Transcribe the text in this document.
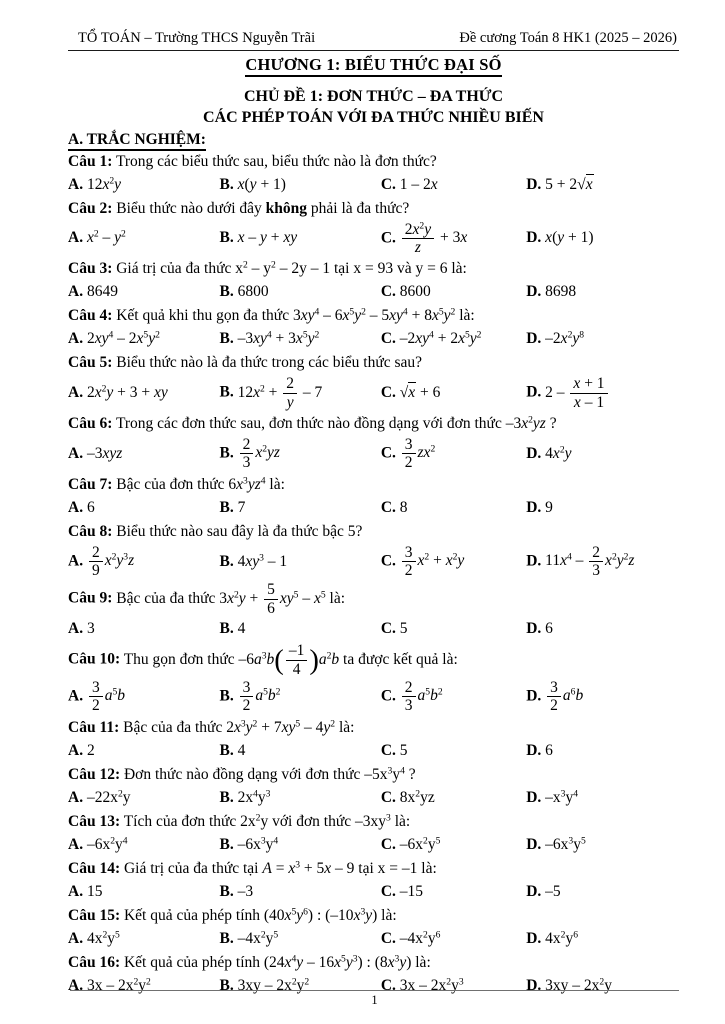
TỔ TOÁN – Trường THCS Nguyễn Trãi	Đề cương Toán 8 HK1 (2025 – 2026)
CHƯƠNG 1: BIỂU THỨC ĐẠI SỐ
CHỦ ĐỀ 1: ĐƠN THỨC – ĐA THỨC
CÁC PHÉP TOÁN VỚI ĐA THỨC NHIỀU BIẾN
A. TRẮC NGHIỆM:

Câu 1: Trong các biểu thức sau, biểu thức nào là đơn thức?

A. $12x^2y$	B. x(y + 1)	C. 1 – 2x	D. 5 + 2√x

Câu 2: Biểu thức nào dưới đây không phải là đa thức?

A. $x^2 - y^2$	B. x – y + xy	C. $\frac{2x^2y}{z} + 3x$	D. x(y + 1)

Câu 3: Giá trị của đa thức $x^2 - y^2 - 2y - 1$ tại x = 93 và y = 6 là:

A. 8649	B. 6800	C. 8600	D. 8698

Câu 4: Kết quả khi thu gọn đa thức $3xy^4 - 6x^5y^2 - 5xy^4 + 8x^5y^2$ là:

A. $2xy^4 - 2x^5y^2$	B. $-3xy^4 + 3x^5y^2$	C. $-2xy^4 + 2x^5y^2$	D. $-2x^2y^8$

Câu 5: Biểu thức nào là đa thức trong các biểu thức sau?

A. $2x^2y + 3$ + xy	B. $12x^2 + \frac{2}{y} - 7$	C. √x + 6	D. $2 - \frac{x + 1}{x - 1}$

Câu 6: Trong các đơn thức sau, đơn thức nào đồng dạng với đơn thức $-3x^2yz$ ?

A. –3xyz	B. $\frac{2}{3} x^2yz$	C. $\frac{3}{2} zx^2$	D. $4x^2y$

Câu 7: Bậc của đơn thức $6x^3yz^4$ là:

A. 6	B. 7	C. 8	D. 9

Câu 8: Biểu thức nào sau đây là đa thức bậc 5?

A. $\frac{2}{9} x^2y^3z$	B. $4xy^3 - 1$	C. $\frac{3}{2} x^2 + x^2y$	D. $11x^4 - \frac{2}{3} x^2y^2z$

Câu 9: Bậc của đa thức $3x^2y + \frac{5}{6} xy^5 - x^5$ là:

A. 3	B. 4	C. 5	D. 6

Câu 10: Thu gọn đơn thức $-6a^3b( \frac{-1}{4} )a^2b$ ta được kết quả là:

A. $\frac{3}{2} a^5b$	B. $\frac{3}{2} a^5b^2$	C. $\frac{2}{3} a^5b^2$	D. $\frac{3}{2} a^6b$

Câu 11: Bậc của đa thức $2x^3y^2 + 7xy^5 - 4y^2$ là:

A. 2	B. 4	C. 5	D. 6

Câu 12: Đơn thức nào đồng dạng với đơn thức $-5x^3y^4$ ?

A. $-22x^2y$	B. $2x^4y^3$	C. $8x^2yz$	D. $-x^3y^4$

Câu 13: Tích của đơn thức $2x^2y$ với đơn thức $-3xy^3$ là:

A. $-6x^2y^4$	B. $-6x^3y^4$	C. $-6x^2y^5$	D. $-6x^3y^5$

Câu 14: Giá trị của đa thức tại $A = x^3 + 5x - 9$ tại x = –1 là:

A. 15	B. –3	C. –15	D. –5

Câu 15: Kết quả của phép tính $(40x^5y^6)$ : $(-10x^3y)$ là:

A. $4x^2y^5$	B. $-4x^2y^5$	C. $-4x^2y^6$	D. $4x^2y^6$

Câu 16: Kết quả của phép tính $(24x^4y - 16x^5y^3)$ : $(8x^3y)$ là:

A. $3x - 2x^2y^2$	B. $3xy - 2x^2y^2$	C. $3x - 2x^2y^3$	D. $3xy - 2x^2y$
1
